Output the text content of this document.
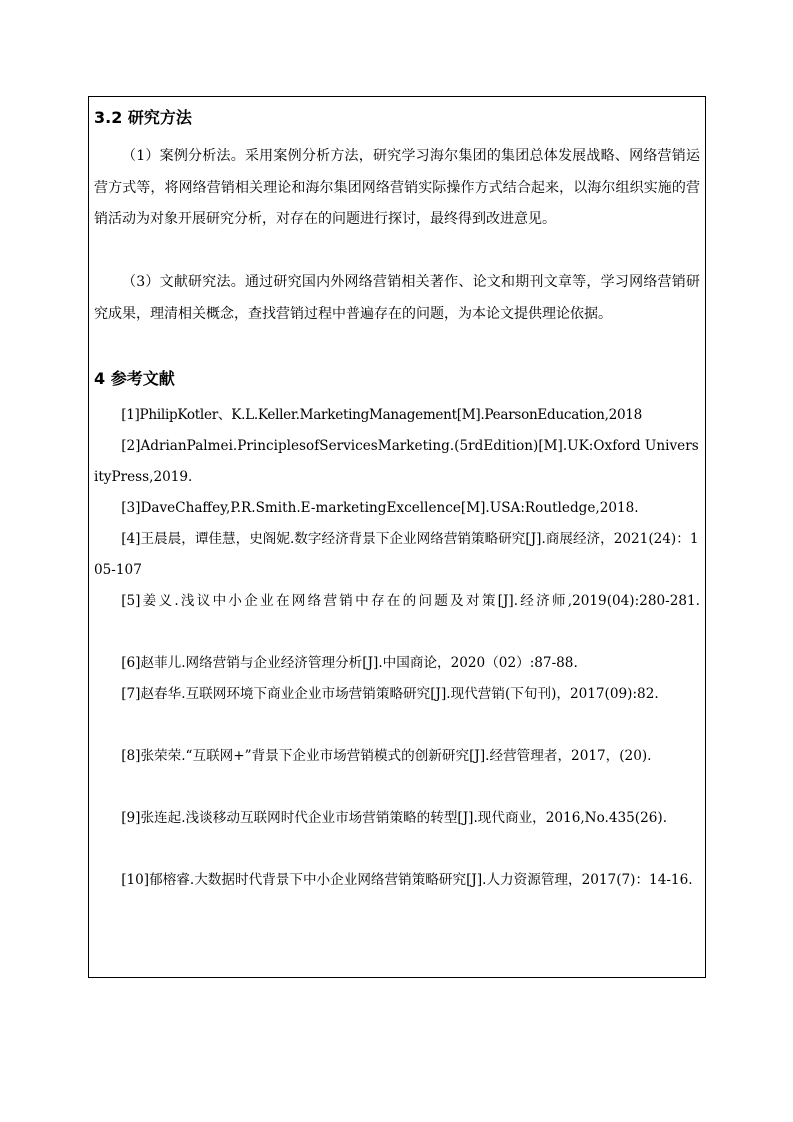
3.2 研究方法

（1）案例分析法。采用案例分析方法，研究学习海尔集团的集团总体发展战略、网络营销运营方式等，将网络营销相关理论和海尔集团网络营销实际操作方式结合起来，以海尔组织实施的营销活动为对象开展研究分析，对存在的问题进行探讨，最终得到改进意见。

（3）文献研究法。通过研究国内外网络营销相关著作、论文和期刊文章等，学习网络营销研究成果，理清相关概念，查找营销过程中普遍存在的问题，为本论文提供理论依据。

4 参考文献

[1]PhilipKotler、K.L.Keller.MarketingManagement[M].PearsonEducation,2018

[2]AdrianPalmei.PrinciplesofServicesMarketing.(5rdEdition)[M].UK:Oxford UniversityPress,2019.

[3]DaveChaffey,P.R.Smith.E-marketingExcellence[M].USA:Routledge,2018.

[4]王晨晨，谭佳慧，史阁妮.数字经济背景下企业网络营销策略研究[J].商展经济，2021(24)：105-107

[5]姜义.浅议中小企业在网络营销中存在的问题及对策[J].经济师,2019(04):280-281.

[6]赵菲儿.网络营销与企业经济管理分析[J].中国商论，2020（02）:87-88.

[7]赵春华.互联网环境下商业企业市场营销策略研究[J].现代营销(下旬刊)，2017(09):82.

[8]张荣荣.“互联网+”背景下企业市场营销模式的创新研究[J].经营管理者，2017，(20).

[9]张连起.浅谈移动互联网时代企业市场营销策略的转型[J].现代商业，2016,No.435(26).

[10]郁榕睿.大数据时代背景下中小企业网络营销策略研究[J].人力资源管理，2017(7)：14-16.
